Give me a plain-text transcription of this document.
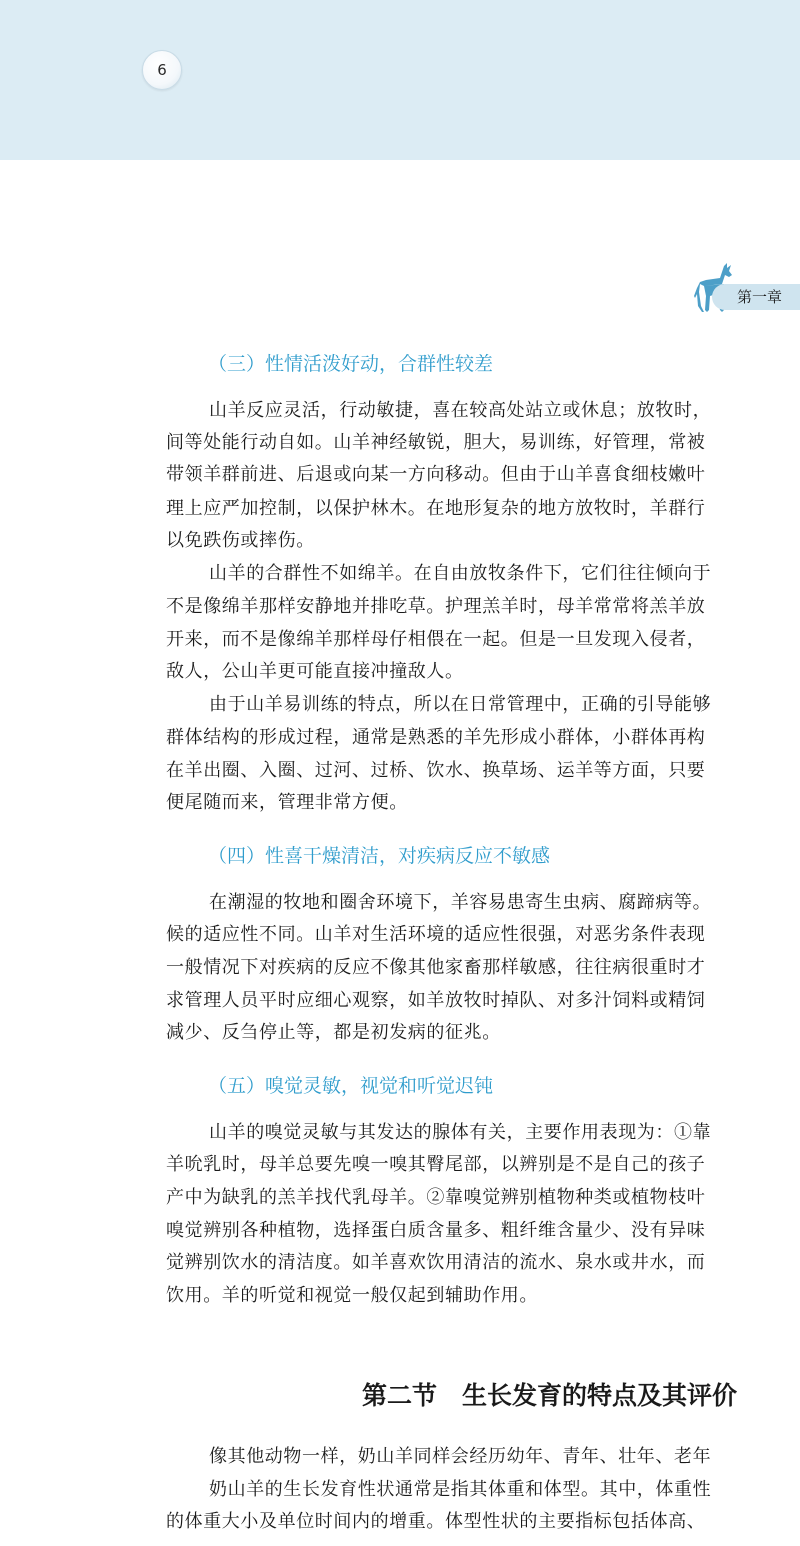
6
第一章
（三）性情活泼好动，合群性较差
山羊反应灵活，行动敏捷，喜在较高处站立或休息；放牧时，
间等处能行动自如。山羊神经敏锐，胆大，易训练，好管理，常被
带领羊群前进、后退或向某一方向移动。但由于山羊喜食细枝嫩叶
理上应严加控制，以保护林木。在地形复杂的地方放牧时，羊群行
以免跌伤或摔伤。
山羊的合群性不如绵羊。在自由放牧条件下，它们往往倾向于
不是像绵羊那样安静地并排吃草。护理羔羊时，母羊常常将羔羊放
开来，而不是像绵羊那样母仔相偎在一起。但是一旦发现入侵者，
敌人，公山羊更可能直接冲撞敌人。
由于山羊易训练的特点，所以在日常管理中，正确的引导能够
群体结构的形成过程，通常是熟悉的羊先形成小群体，小群体再构
在羊出圈、入圈、过河、过桥、饮水、换草场、运羊等方面，只要
便尾随而来，管理非常方便。
（四）性喜干燥清洁，对疾病反应不敏感
在潮湿的牧地和圈舍环境下，羊容易患寄生虫病、腐蹄病等。
候的适应性不同。山羊对生活环境的适应性很强，对恶劣条件表现
一般情况下对疾病的反应不像其他家畜那样敏感，往往病很重时才
求管理人员平时应细心观察，如羊放牧时掉队、对多汁饲料或精饲
减少、反刍停止等，都是初发病的征兆。
（五）嗅觉灵敏，视觉和听觉迟钝
山羊的嗅觉灵敏与其发达的腺体有关，主要作用表现为：①靠
羊吮乳时，母羊总要先嗅一嗅其臀尾部，以辨别是不是自己的孩子
产中为缺乳的羔羊找代乳母羊。②靠嗅觉辨别植物种类或植物枝叶
嗅觉辨别各种植物，选择蛋白质含量多、粗纤维含量少、没有异味
觉辨别饮水的清洁度。如羊喜欢饮用清洁的流水、泉水或井水，而
饮用。羊的听觉和视觉一般仅起到辅助作用。
第二节　生长发育的特点及其评价
像其他动物一样，奶山羊同样会经历幼年、青年、壮年、老年
奶山羊的生长发育性状通常是指其体重和体型。其中，体重性
的体重大小及单位时间内的增重。体型性状的主要指标包括体高、
